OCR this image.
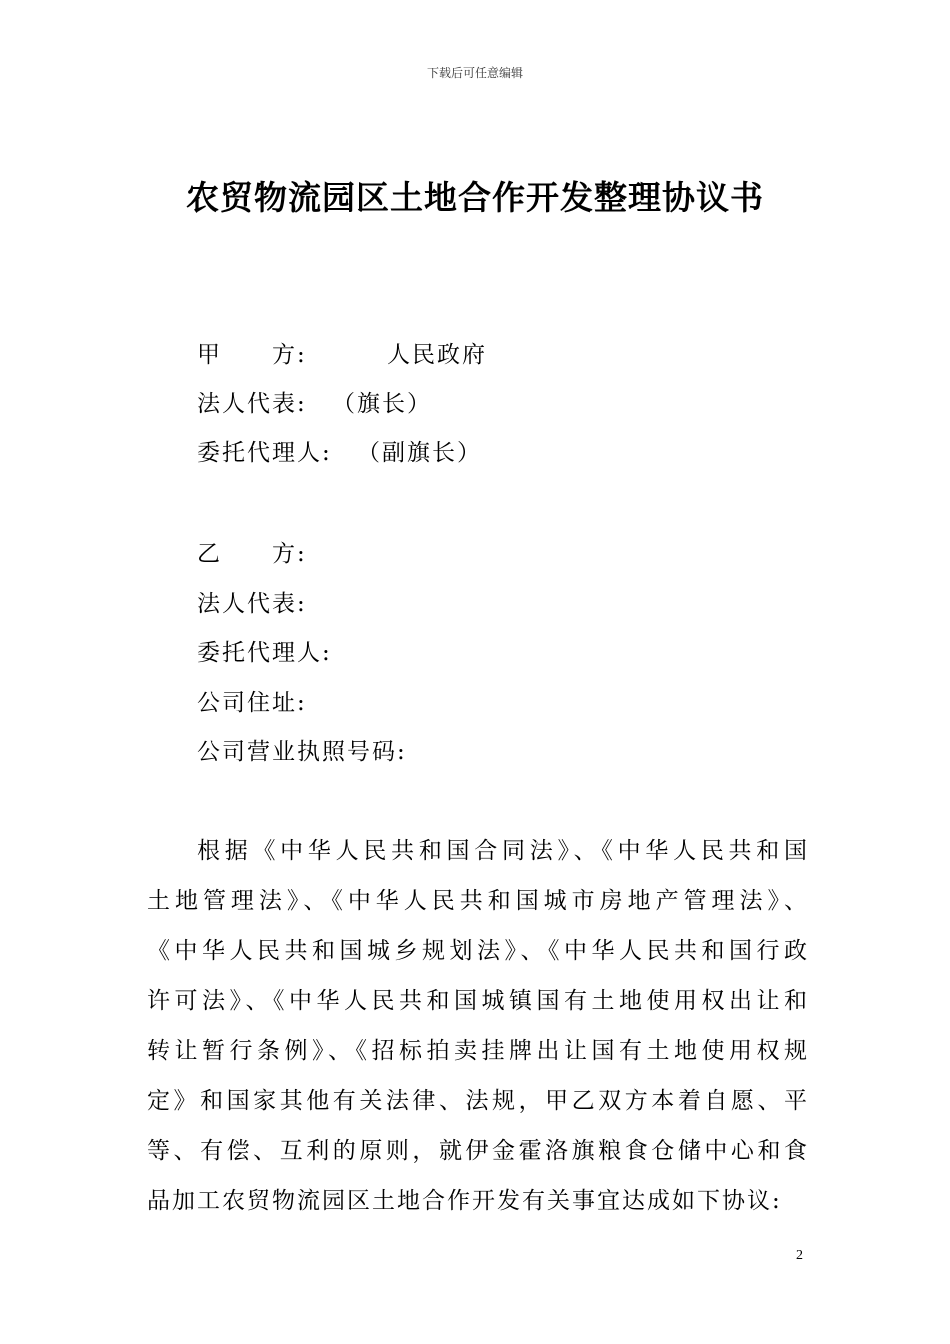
下载后可任意编辑
农贸物流园区土地合作开发整理协议书
甲　　方:	人民政府
法人代表: （旗长）
委托代理人: （副旗长）
乙　　方:
法人代表:
委托代理人:
公司住址:
公司营业执照号码:
根据《中华人民共和国合同法》、《中华人民共和国
土地管理法》、《中华人民共和国城市房地产管理法》、
《中华人民共和国城乡规划法》、《中华人民共和国行政
许可法》、《中华人民共和国城镇国有土地使用权出让和
转让暂行条例》、《招标拍卖挂牌出让国有土地使用权规
定》和国家其他有关法律、法规，甲乙双方本着自愿、平
等、有偿、互利的原则，就伊金霍洛旗粮食仓储中心和食
品加工农贸物流园区土地合作开发有关事宜达成如下协议:
2
